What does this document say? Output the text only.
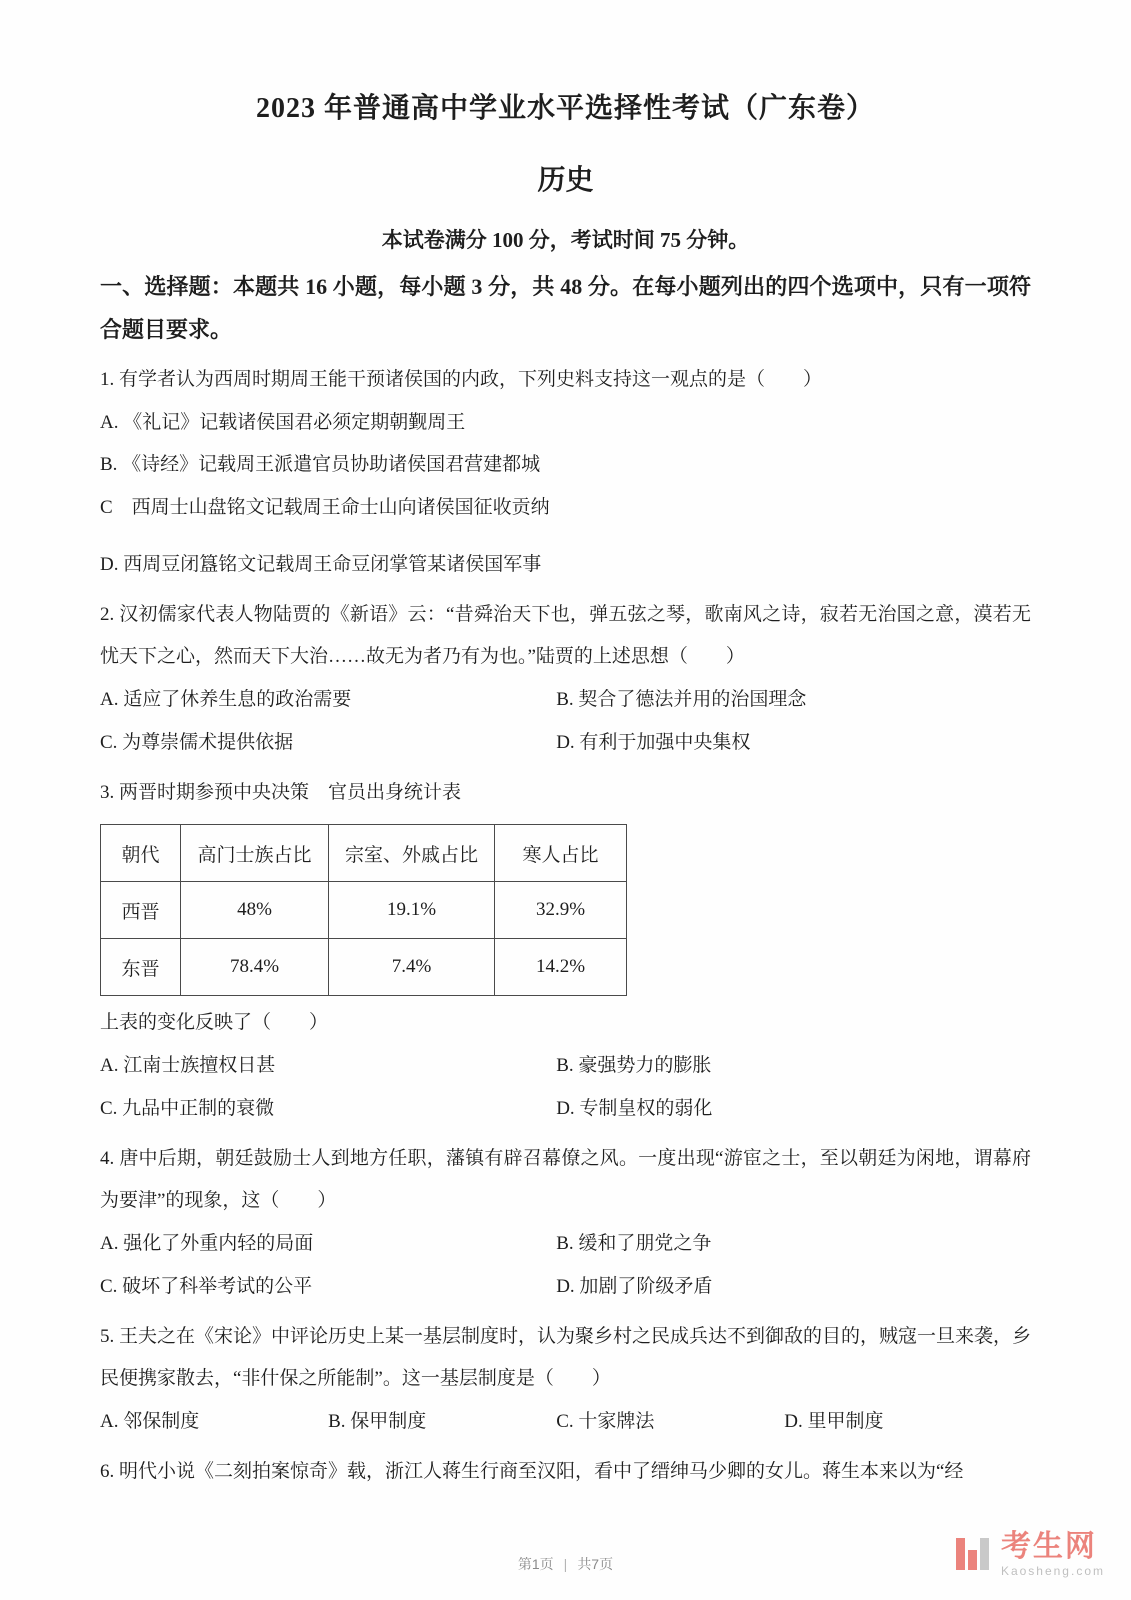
2023 年普通高中学业水平选择性考试（广东卷）
历史

本试卷满分 100 分，考试时间 75 分钟。

一、选择题：本题共 16 小题，每小题 3 分，共 48 分。在每小题列出的四个选项中，只有一项符合题目要求。

1. 有学者认为西周时期周王能干预诸侯国的内政，下列史料支持这一观点的是（　　）

A. 《礼记》记载诸侯国君必须定期朝觐周王

B. 《诗经》记载周王派遣官员协助诸侯国君营建都城

C　西周士山盘铭文记载周王命士山向诸侯国征收贡纳

D. 西周豆闭簋铭文记载周王命豆闭掌管某诸侯国军事

2. 汉初儒家代表人物陆贾的《新语》云：“昔舜治天下也，弹五弦之琴，歌南风之诗，寂若无治国之意，漠若无忧天下之心，然而天下大治……故无为者乃有为也。”陆贾的上述思想（　　）

A. 适应了休养生息的政治需要	B. 契合了德法并用的治国理念

C. 为尊崇儒术提供依据	D. 有利于加强中央集权

3. 两晋时期参预中央决策　官员出身统计表

朝代	高门士族占比	宗室、外戚占比	寒人占比
西晋	48%	19.1%	32.9%
东晋	78.4%	7.4%	14.2%

上表的变化反映了（　　）

A. 江南士族擅权日甚	B. 豪强势力的膨胀

C. 九品中正制的衰微	D. 专制皇权的弱化

4. 唐中后期，朝廷鼓励士人到地方任职，藩镇有辟召幕僚之风。一度出现“游宦之士，至以朝廷为闲地，谓幕府为要津”的现象，这（　　）

A. 强化了外重内轻的局面	B. 缓和了朋党之争

C. 破坏了科举考试的公平	D. 加剧了阶级矛盾

5. 王夫之在《宋论》中评论历史上某一基层制度时，认为聚乡村之民成兵达不到御敌的目的，贼寇一旦来袭，乡民便携家散去，“非什保之所能制”。这一基层制度是（　　）

A. 邻保制度	B. 保甲制度	C. 十家牌法	D. 里甲制度

6. 明代小说《二刻拍案惊奇》载，浙江人蒋生行商至汉阳，看中了缙绅马少卿的女儿。蒋生本来以为“经

第1页 | 共7页
考生网
Kaosheng.com
